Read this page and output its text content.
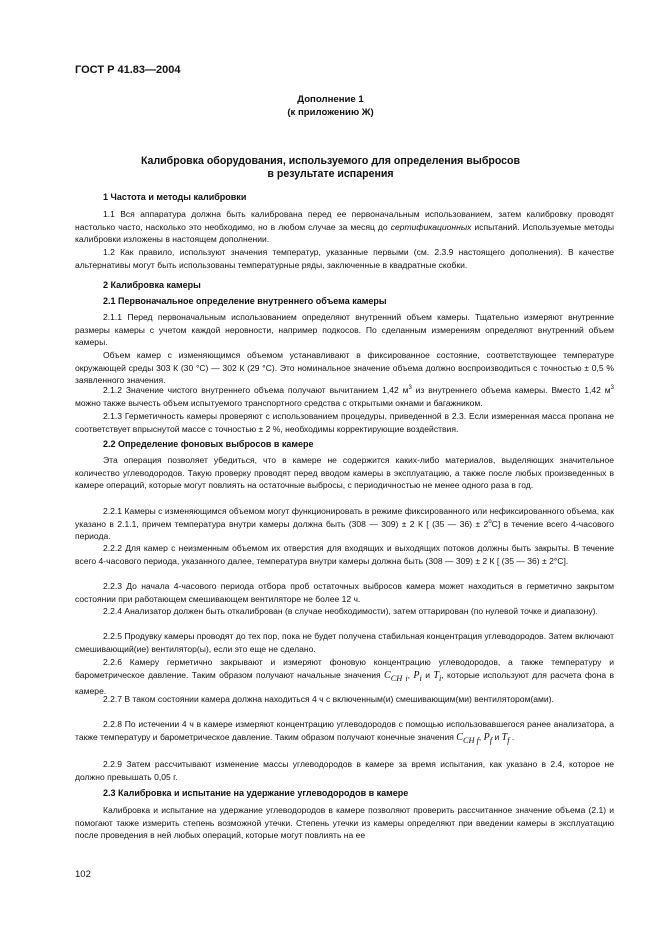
ГОСТ Р 41.83—2004
Дополнение 1
(к приложению Ж)
Калибровка оборудования, используемого для определения выбросов
в результате испарения
1 Частота и методы калибровки
1.1 Вся аппаратура должна быть калибрована перед ее первоначальным использованием, затем калибровку проводят настолько часто, насколько это необходимо, но в любом случае за месяц до сертификационных испытаний. Используемые методы калибровки изложены в настоящем дополнении.
1.2 Как правило, используют значения температур, указанные первыми (см. 2.3.9 настоящего дополнения). В качестве альтернативы могут быть использованы температурные ряды, заключенные в квадратные скобки.
2 Калибровка камеры
2.1 Первоначальное определение внутреннего объема камеры
2.1.1 Перед первоначальным использованием определяют внутренний объем камеры. Тщательно измеряют внутренние размеры камеры с учетом каждой неровности, например подкосов. По сделанным измерениям определяют внутренний объем камеры.
Объем камер с изменяющимся объемом устанавливают в фиксированное состояние, соответствующее температуре окружающей среды 303 К (30 °С) — 302 К (29 °С). Это номинальное значение объема должно воспроизводиться с точностью ± 0,5 % заявленного значения.
2.1.2 Значение чистого внутреннего объема получают вычитанием 1,42 $м^3$ из внутреннего объема камеры. Вместо 1,42 $м^3$ можно также вычесть объем испытуемого транспортного средства с открытыми окнами и багажником.
2.1.3 Герметичность камеры проверяют с использованием процедуры, приведенной в 2.3. Если измеренная масса пропана не соответствует впрыснутой массе с точностью ± 2 %, необходимы корректирующие воздействия.
2.2 Определение фоновых выбросов в камере
Эта операция позволяет убедиться, что в камере не содержится каких-либо материалов, выделяющих значительное количество углеводородов. Такую проверку проводят перед вводом камеры в эксплуатацию, а также после любых произведенных в камере операций, которые могут повлиять на остаточные выбросы, с периодичностью не менее одного раза в год.
2.2.1 Камеры с изменяющимся объемом могут функционировать в режиме фиксированного или нефиксированного объема, как указано в 2.1.1, причем температура внутри камеры должна быть (308 — 309) ± 2 К [ (35 — $36) \pm 2^oС$] в течение всего 4-часового периода.
2.2.2 Для камер с неизменным объемом их отверстия для входящих и выходящих потоков должны быть закрыты. В течение всего 4-часового периода, указанного далее, температура внутри камеры должна быть (308 — 309) ± 2 К [ (35 — 36) ± 2°С].
2.2.3 До начала 4-часового периода отбора проб остаточных выбросов камера может находиться в герметично закрытом состоянии при работающем смешивающем вентиляторе не более 12 ч.
2.2.4 Анализатор должен быть откалиброван (в случае необходимости), затем оттарирован (по нулевой точке и диапазону).
2.2.5 Продувку камеры проводят до тех пор, пока не будет получена стабильная концентрация углеводородов. Затем включают смешивающий(ие) вентилятор(ы), если это еще не сделано.
2.2.6 Камеру герметично закрывают и измеряют фоновую концентрацию углеводородов, а также температуру и барометрическое давление. Таким образом получают начальные значения $C_{CH i}$, $P_i$ и $T_i$, которые используют для расчета фона в камере.
2.2.7 В таком состоянии камера должна находиться 4 ч с включенным(и) смешивающим(ми) вентилятором(ами).
2.2.8 По истечении 4 ч в камере измеряют концентрацию углеводородов с помощью использовавшегося ранее анализатора, а также температуру и барометрическое давление. Таким образом получают конечные значения $C_{CH f}$, $P_f$ и $T_f$ .
2.2.9 Затем рассчитывают изменение массы углеводородов в камере за время испытания, как указано в 2.4, которое не должно превышать 0,05 г.
2.3 Калибровка и испытание на удержание углеводородов в камере
Калибровка и испытание на удержание углеводородов в камере позволяют проверить рассчитанное значение объема (2.1) и помогают также измерить степень возможной утечки. Степень утечки из камеры определяют при введении камеры в эксплуатацию после проведения в ней любых операций, которые могут повлиять на ее
102
